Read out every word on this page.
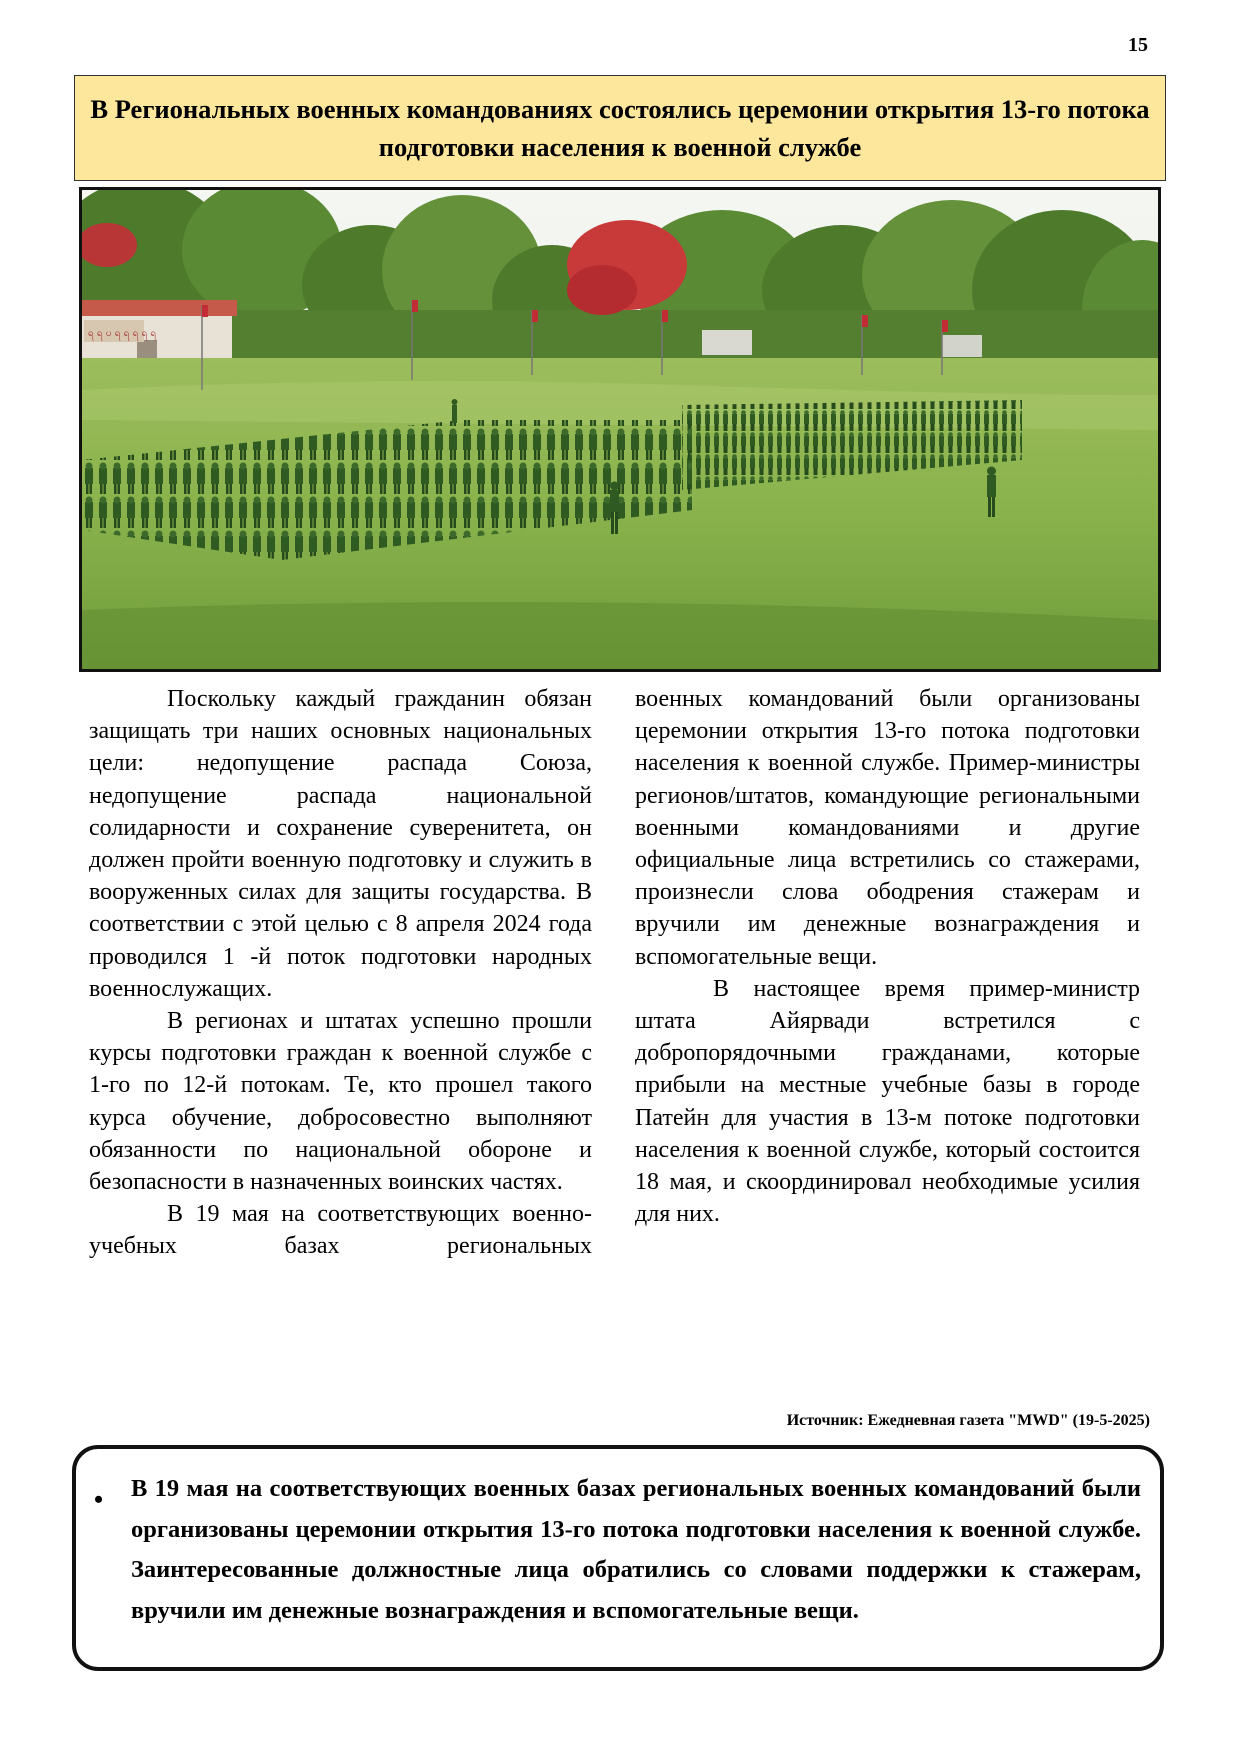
15
В Региональных военных командованиях состоялись церемонии открытия 13-го потока подготовки населения к военной службе
ရ ရ ပ ရ ရ ရ ရ ရ

Поскольку каждый гражданин обязан защищать три наших основных национальных цели: недопущение распада Союза, недопущение распада национальной солидарности и сохранение суверенитета, он должен пройти военную подготовку и служить в вооруженных силах для защиты государства. В соответствии с этой целью с 8 апреля 2024 года проводился 1 -й поток подготовки народных военнослужащих.

В регионах и штатах успешно прошли курсы подготовки граждан к военной службе с 1-го по 12-й потокам. Те, кто прошел такого курса обучение, добросовестно выполняют обязанности по национальной обороне и безопасности в назначенных воинских частях.

В 19 мая на соответствующих военно-учебных базах региональных

военных командований были организованы церемонии открытия 13-го потока подготовки населения к военной службе. Пример-министры регионов/штатов, командующие региональными военными командованиями и другие официальные лица встретились со стажерами, произнесли слова ободрения стажерам и вручили им денежные вознаграждения и вспомогательные вещи.

В настоящее время пример-министр штата Айярвади встретился с добропорядочными гражданами, которые прибыли на местные учебные базы в городе Патейн для участия в 13-м потоке подготовки населения к военной службе, который состоится 18 мая, и скоординировал необходимые усилия для них.

Источник: Ежедневная газета "MWD" (19-5-2025)
• В 19 мая на соответствующих военных базах региональных военных командований были организованы церемонии открытия 13-го потока подготовки населения к военной службе. Заинтересованные должностные лица обратились со словами поддержки к стажерам, вручили им денежные вознаграждения и вспомогательные вещи.
